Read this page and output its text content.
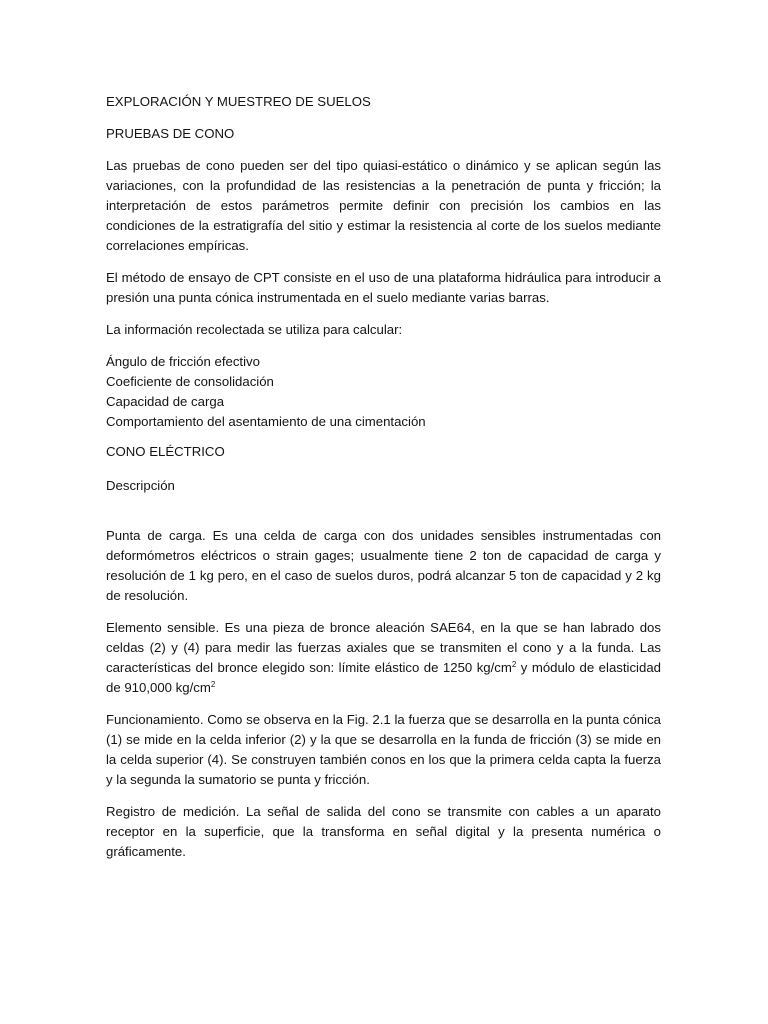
EXPLORACIÓN Y MUESTREO DE SUELOS

PRUEBAS DE CONO

Las pruebas de cono pueden ser del tipo quiasi-estático o dinámico y se aplican según las variaciones, con la profundidad de las resistencias a la penetración de punta y fricción; la interpretación de estos parámetros permite definir con precisión los cambios en las condiciones de la estratigrafía del sitio y estimar la resistencia al corte de los suelos mediante correlaciones empíricas.

El método de ensayo de CPT consiste en el uso de una plataforma hidráulica para introducir a presión una punta cónica instrumentada en el suelo mediante varias barras.

La información recolectada se utiliza para calcular:

Ángulo de fricción efectivo
Coeficiente de consolidación
Capacidad de carga
Comportamiento del asentamiento de una cimentación

CONO ELÉCTRICO

Descripción

Punta de carga. Es una celda de carga con dos unidades sensibles instrumentadas con deformómetros eléctricos o strain gages; usualmente tiene 2 ton de capacidad de carga y resolución de 1 kg pero, en el caso de suelos duros, podrá alcanzar 5 ton de capacidad y 2 kg de resolución.

Elemento sensible. Es una pieza de bronce aleación SAE64, en la que se han labrado dos celdas (2) y (4) para medir las fuerzas axiales que se transmiten el cono y a la funda. Las características del bronce elegido son: límite elástico de 1250 $kg/cm^2$ y módulo de elasticidad de 910,000 $kg/cm^2$

Funcionamiento. Como se observa en la Fig. 2.1 la fuerza que se desarrolla en la punta cónica (1) se mide en la celda inferior (2) y la que se desarrolla en la funda de fricción (3) se mide en la celda superior (4). Se construyen también conos en los que la primera celda capta la fuerza y la segunda la sumatorio se punta y fricción.

Registro de medición. La señal de salida del cono se transmite con cables a un aparato receptor en la superficie, que la transforma en señal digital y la presenta numérica o gráficamente.
